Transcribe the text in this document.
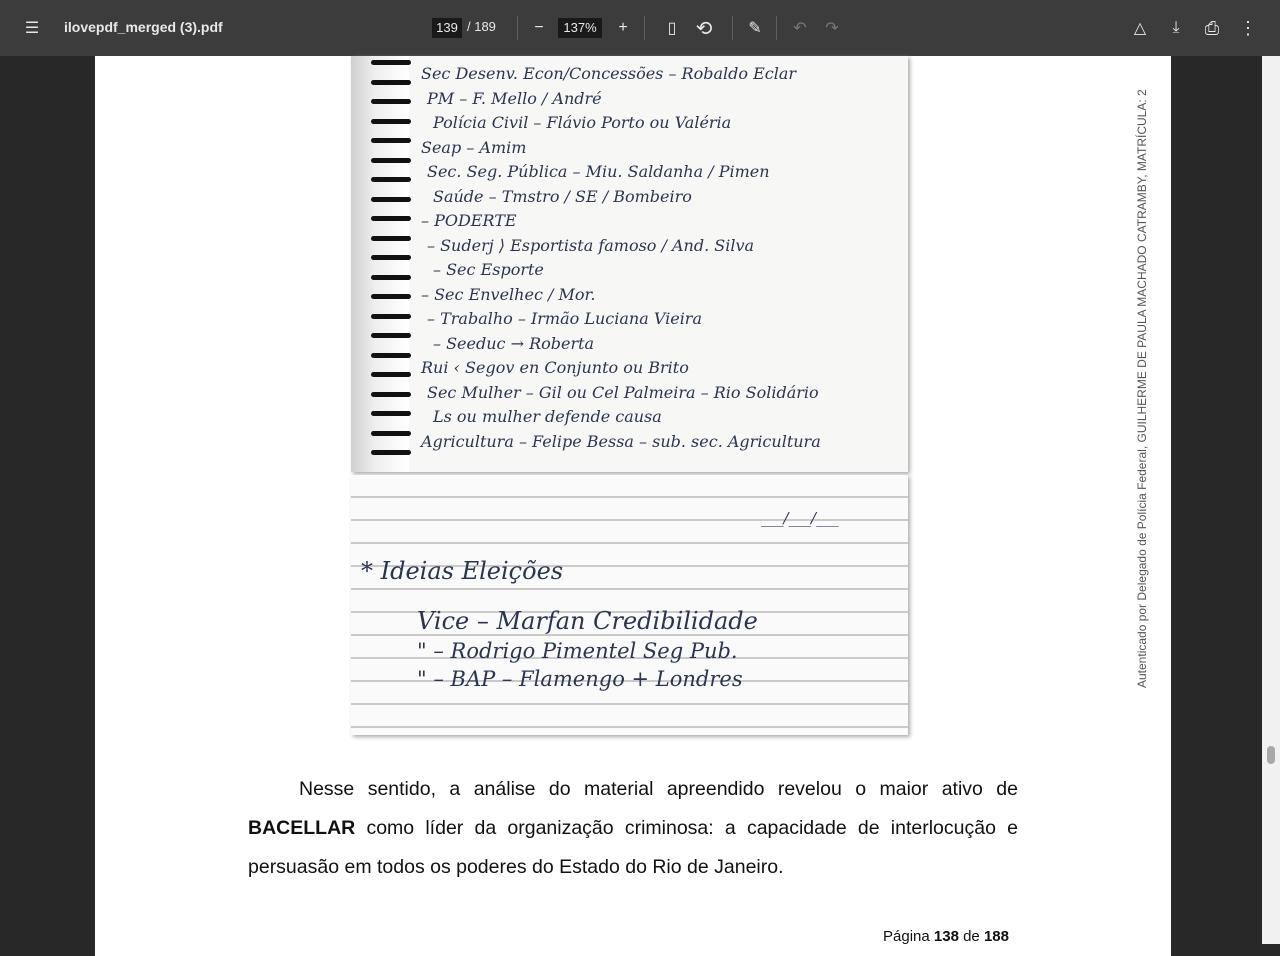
☰	ilovepdf_merged (3).pdf	139 / 189	−	137%	+	▯ ⟲	✎	↶	↷	△	⤓	⎙	⋮
Sec Desenv. Econ/Concessões – Robaldo Eclar
PM – F. Mello / André
Polícia Civil – Flávio Porto ou Valéria
Seap – Amim
Sec. Seg. Pública – Miu. Saldanha / Pimen
Saúde – Tmstro / SE / Bombeiro
– PODERTE
– Suderj ⟩ Esportista famoso / And. Silva
– Sec Esporte
– Sec Envelhec / Mor.
– Trabalho – Irmão Luciana Vieira
– Seeduc → Roberta
Rui ‹ Segov en Conjunto ou Brito
Sec Mulher – Gil ou Cel Palmeira – Rio Solidário
Ls ou mulher defende causa
Agricultura – Felipe Bessa – sub. sec. Agricultura
___/___/___
* Ideias Eleições
Vice – Marfan Credibilidade
" – Rodrigo Pimentel Seg Pub.
" – BAP – Flamengo + Londres
Nesse sentido, a análise do material apreendido revelou o maior ativo de BACELLAR como líder da organização criminosa: a capacidade de interlocução e persuasão em todos os poderes do Estado do Rio de Janeiro.
Página 138 de 188
Autenticado por Delegado de Polícia Federal, GUILHERME DE PAULA MACHADO CATRAMBY, MATRÍCULA: 2
